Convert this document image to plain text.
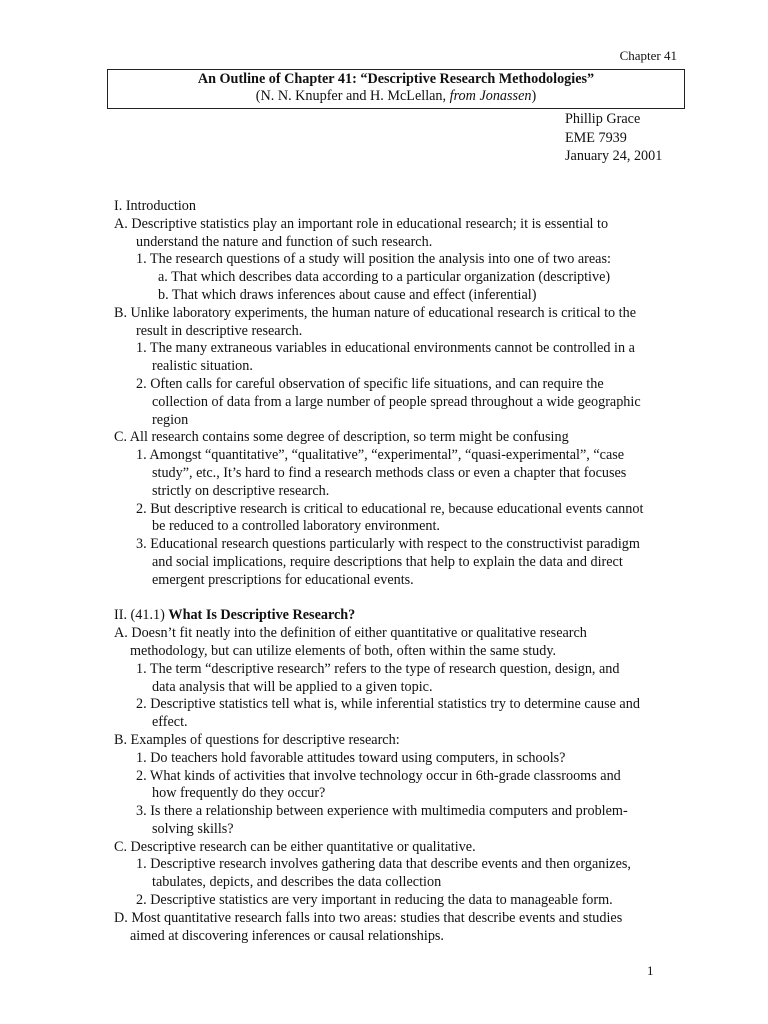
Chapter 41
An Outline of Chapter 41: “Descriptive Research Methodologies”
(N. N. Knupfer and H. McLellan, from Jonassen)
Phillip Grace
EME 7939
January 24, 2001
I. Introduction
A. Descriptive statistics play an important role in educational research; it is essential to
understand the nature and function of such research.
1. The research questions of a study will position the analysis into one of two areas:
a. That which describes data according to a particular organization (descriptive)
b. That which draws inferences about cause and effect (inferential)
B. Unlike laboratory experiments, the human nature of educational research is critical to the
result in descriptive research.
1. The many extraneous variables in educational environments cannot be controlled in a
realistic situation.
2. Often calls for careful observation of specific life situations, and can require the
collection of data from a large number of people spread throughout a wide geographic
region
C. All research contains some degree of description, so term might be confusing
1. Amongst “quantitative”, “qualitative”, “experimental”, “quasi-experimental”, “case
study”, etc., It’s hard to find a research methods class or even a chapter that focuses
strictly on descriptive research.
2. But descriptive research is critical to educational re, because educational events cannot
be reduced to a controlled laboratory environment.
3. Educational research questions particularly with respect to the constructivist paradigm
and social implications, require descriptions that help to explain the data and direct
emergent prescriptions for educational events.
II. (41.1) What Is Descriptive Research?
A. Doesn’t fit neatly into the definition of either quantitative or qualitative research
methodology, but can utilize elements of both, often within the same study.
1. The term “descriptive research” refers to the type of research question, design, and
data analysis that will be applied to a given topic.
2. Descriptive statistics tell what is, while inferential statistics try to determine cause and
effect.
B. Examples of questions for descriptive research:
1. Do teachers hold favorable attitudes toward using computers, in schools?
2. What kinds of activities that involve technology occur in 6th-grade classrooms and
how frequently do they occur?
3. Is there a relationship between experience with multimedia computers and problem-
solving skills?
C. Descriptive research can be either quantitative or qualitative.
1. Descriptive research involves gathering data that describe events and then organizes,
tabulates, depicts, and describes the data collection
2. Descriptive statistics are very important in reducing the data to manageable form.
D. Most quantitative research falls into two areas: studies that describe events and studies
aimed at discovering inferences or causal relationships.
1
